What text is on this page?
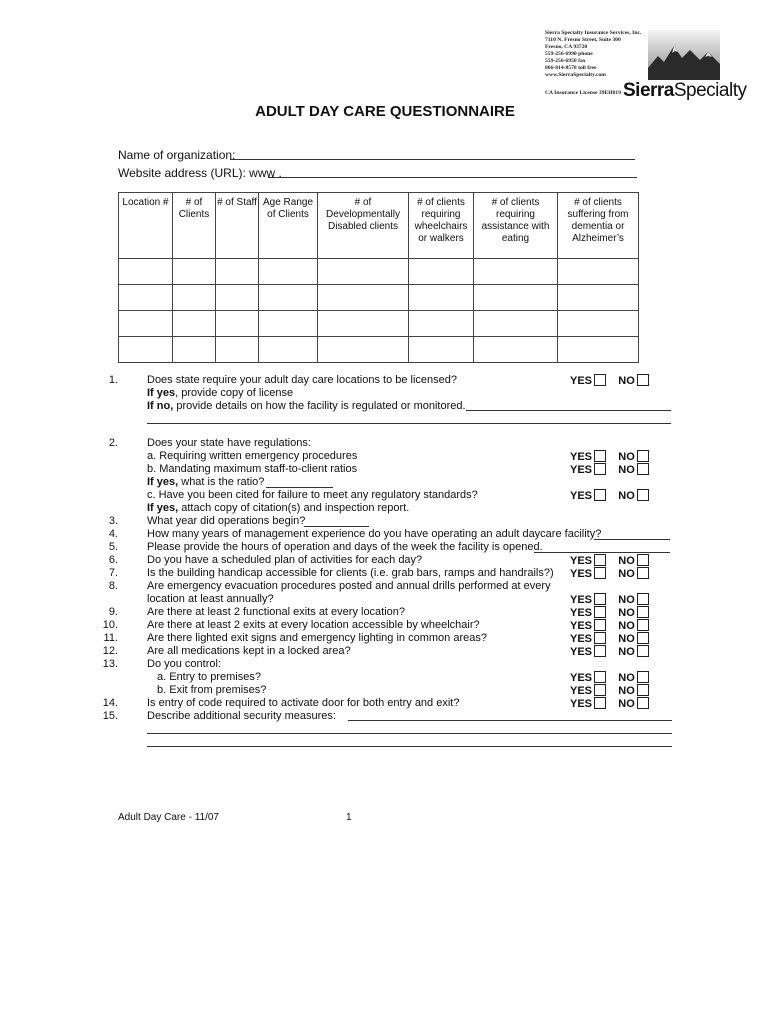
Sierra Specialty Insurance Services, Inc.
7110 N. Fresno Street, Suite 300
Fresno, CA 93720
559-256-6990 phone
559-256-6950 fax
866-814-8578 toll free
www.SierraSpecialty.com
CA Insurance License 39EH019 SierraSpecialty
ADULT DAY CARE QUESTIONNAIRE
Name of organization:
Website address (URL): www .
Location #	# of Clients	# of Staff	Age Range of Clients	# of Developmentally Disabled clients	# of clients requiring wheelchairs or walkers	# of clients requiring assistance with eating	# of clients suffering from dementia or Alzheimer’s

1.	Does state require your adult day care locations to be licensed?	YES NO
If yes, provide copy of license
If no, provide details on how the facility is regulated or monitored.
2.	Does your state have regulations:
a. Requiring written emergency procedures	YES NO
b. Mandating maximum staff-to-client ratios	YES NO
If yes, what is the ratio?
c. Have you been cited for failure to meet any regulatory standards?	YES NO
If yes, attach copy of citation(s) and inspection report.
3.	What year did operations begin?
4.	How many years of management experience do you have operating an adult daycare facility?
5.	Please provide the hours of operation and days of the week the facility is opened.
6.	Do you have a scheduled plan of activities for each day?	YES NO
7.	Is the building handicap accessible for clients (i.e. grab bars, ramps and handrails?) YES NO
8.	Are emergency evacuation procedures posted and annual drills performed at every
location at least annually?	YES NO
9.	Are there at least 2 functional exits at every location?	YES NO
10.	Are there at least 2 exits at every location accessible by wheelchair?	YES NO
11.	Are there lighted exit signs and emergency lighting in common areas?	YES NO
12.	Are all medications kept in a locked area?	YES NO
13.	Do you control:
a. Entry to premises?	YES NO
b. Exit from premises?	YES NO
14.	Is entry of code required to activate door for both entry and exit?	YES NO
15.	Describe additional security measures:
Adult Day Care - 11/07	1
